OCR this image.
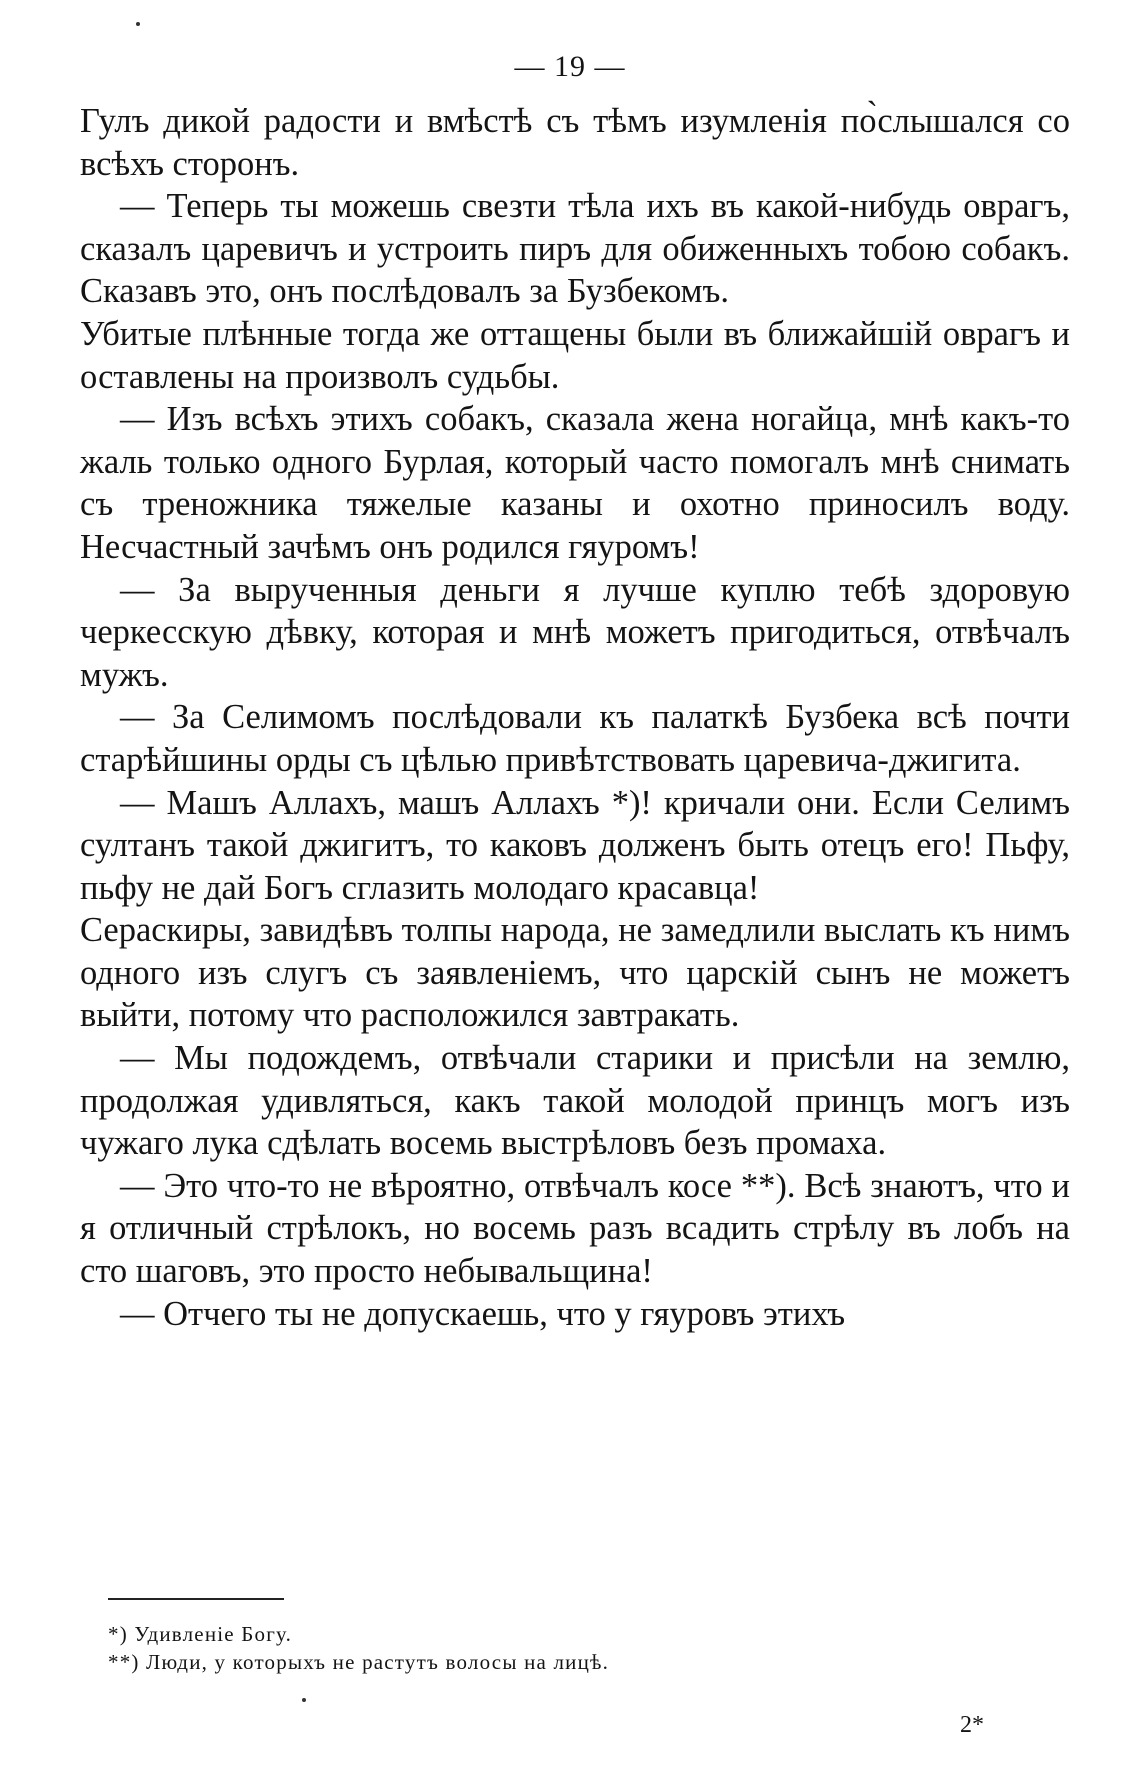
— 19 —

Гулъ дикой радости и вмѣстѣ съ тѣмъ изумленія по̀слышался со всѣхъ сторонъ.

— Теперь ты можешь свезти тѣла ихъ въ какой-нибудь оврагъ, сказалъ царевичъ и устроить пиръ для обиженныхъ тобою собакъ. Сказавъ это, онъ послѣдовалъ за Бузбекомъ.

Убитые плѣнные тогда же оттащены были въ ближайшій оврагъ и оставлены на произволъ судьбы.

— Изъ всѣхъ этихъ собакъ, сказала жена ногайца, мнѣ какъ-то жаль только одного Бурлая, который часто помогалъ мнѣ снимать съ треножника тяжелые казаны и охотно приносилъ воду. Несчастный зачѣмъ онъ родился гяуромъ!

— За вырученныя деньги я лучше куплю тебѣ здоровую черкесскую дѣвку, которая и мнѣ можетъ пригодиться, отвѣчалъ мужъ.

— За Селимомъ послѣдовали къ палаткѣ Бузбека всѣ почти старѣйшины орды съ цѣлью привѣтствовать царевича-джигита.

— Машъ Аллахъ, машъ Аллахъ *)! кричали они. Если Селимъ султанъ такой джигитъ, то каковъ долженъ быть отецъ его! Пьфу, пьфу не дай Богъ сглазить молодаго красавца!

Сераскиры, завидѣвъ толпы народа, не замедлили выслать къ нимъ одного изъ слугъ съ заявленіемъ, что царскій сынъ не можетъ выйти, потому что расположился завтракать.

— Мы подождемъ, отвѣчали старики и присѣли на землю, продолжая удивляться, какъ такой молодой принцъ могъ изъ чужаго лука сдѣлать восемь выстрѣловъ безъ промаха.

— Это что-то не вѣроятно, отвѣчалъ косе **). Всѣ знаютъ, что и я отличный стрѣлокъ, но восемь разъ всадить стрѣлу въ лобъ на сто шаговъ, это просто небывальщина!

— Отчего ты не допускаешь, что у гяуровъ этихъ

*) Удивленіе Богу.
**) Люди, у которыхъ не растутъ волосы на лицѣ.
2*
